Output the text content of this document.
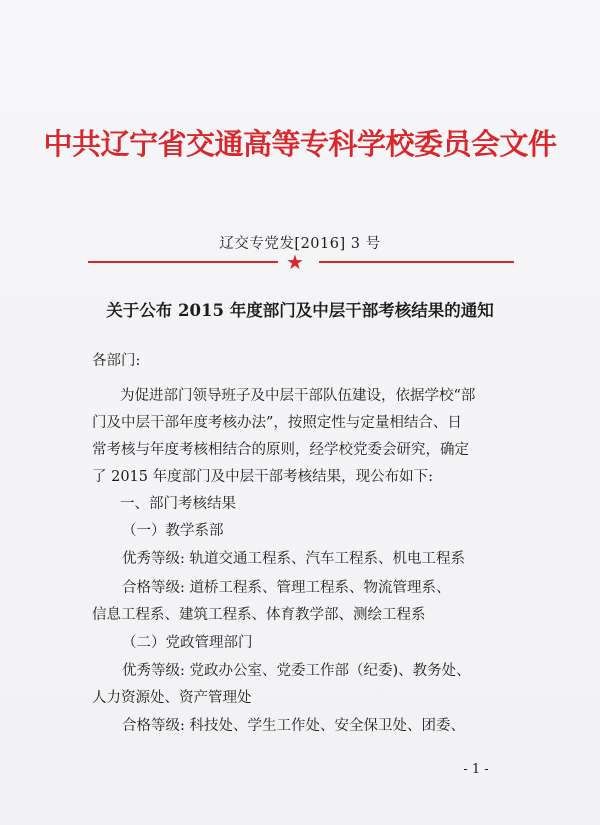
中共辽宁省交通高等专科学校委员会文件
辽交专党发[2016] 3 号
★
关于公布 2015 年度部门及中层干部考核结果的通知
各部门:
为促进部门领导班子及中层干部队伍建设，依据学校“部
门及中层干部年度考核办法”，按照定性与定量相结合、日
常考核与年度考核相结合的原则，经学校党委会研究，确定
了 2015 年度部门及中层干部考核结果，现公布如下:
一、部门考核结果
（一）教学系部
优秀等级: 轨道交通工程系、汽车工程系、机电工程系
合格等级: 道桥工程系、管理工程系、物流管理系、
信息工程系、建筑工程系、体育教学部、测绘工程系
（二）党政管理部门
优秀等级: 党政办公室、党委工作部（纪委)、教务处、
人力资源处、资产管理处
合格等级: 科技处、学生工作处、安全保卫处、团委、
- 1 -
